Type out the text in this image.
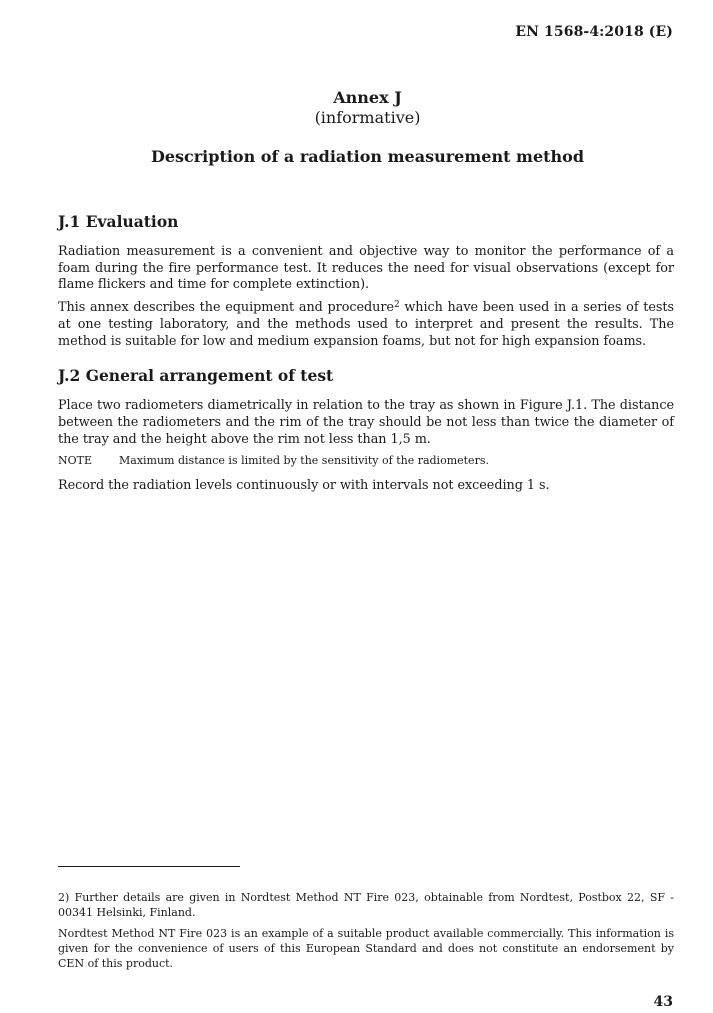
EN 1568-4:2018 (E)
Annex J
(informative)
Description of a radiation measurement method
J.1 Evaluation

Radiation measurement is a convenient and objective way to monitor the performance of a foam during the fire performance test. It reduces the need for visual observations (except for flame flickers and time for complete extinction).

This annex describes the equipment and procedure$^2$ which have been used in a series of tests at one testing laboratory, and the methods used to interpret and present the results. The method is suitable for low and medium expansion foams, but not for high expansion foams.

J.2 General arrangement of test

Place two radiometers diametrically in relation to the tray as shown in Figure J.1. The distance between the radiometers and the rim of the tray should be not less than twice the diameter of the tray and the height above the rim not less than 1,5 m.

NOTE	Maximum distance is limited by the sensitivity of the radiometers.

Record the radiation levels continuously or with intervals not exceeding 1 s.

2) Further details are given in Nordtest Method NT Fire 023, obtainable from Nordtest, Postbox 22, SF - 00341 Helsinki, Finland.

Nordtest Method NT Fire 023 is an example of a suitable product available commercially. This information is given for the convenience of users of this European Standard and does not constitute an endorsement by CEN of this product.

43
